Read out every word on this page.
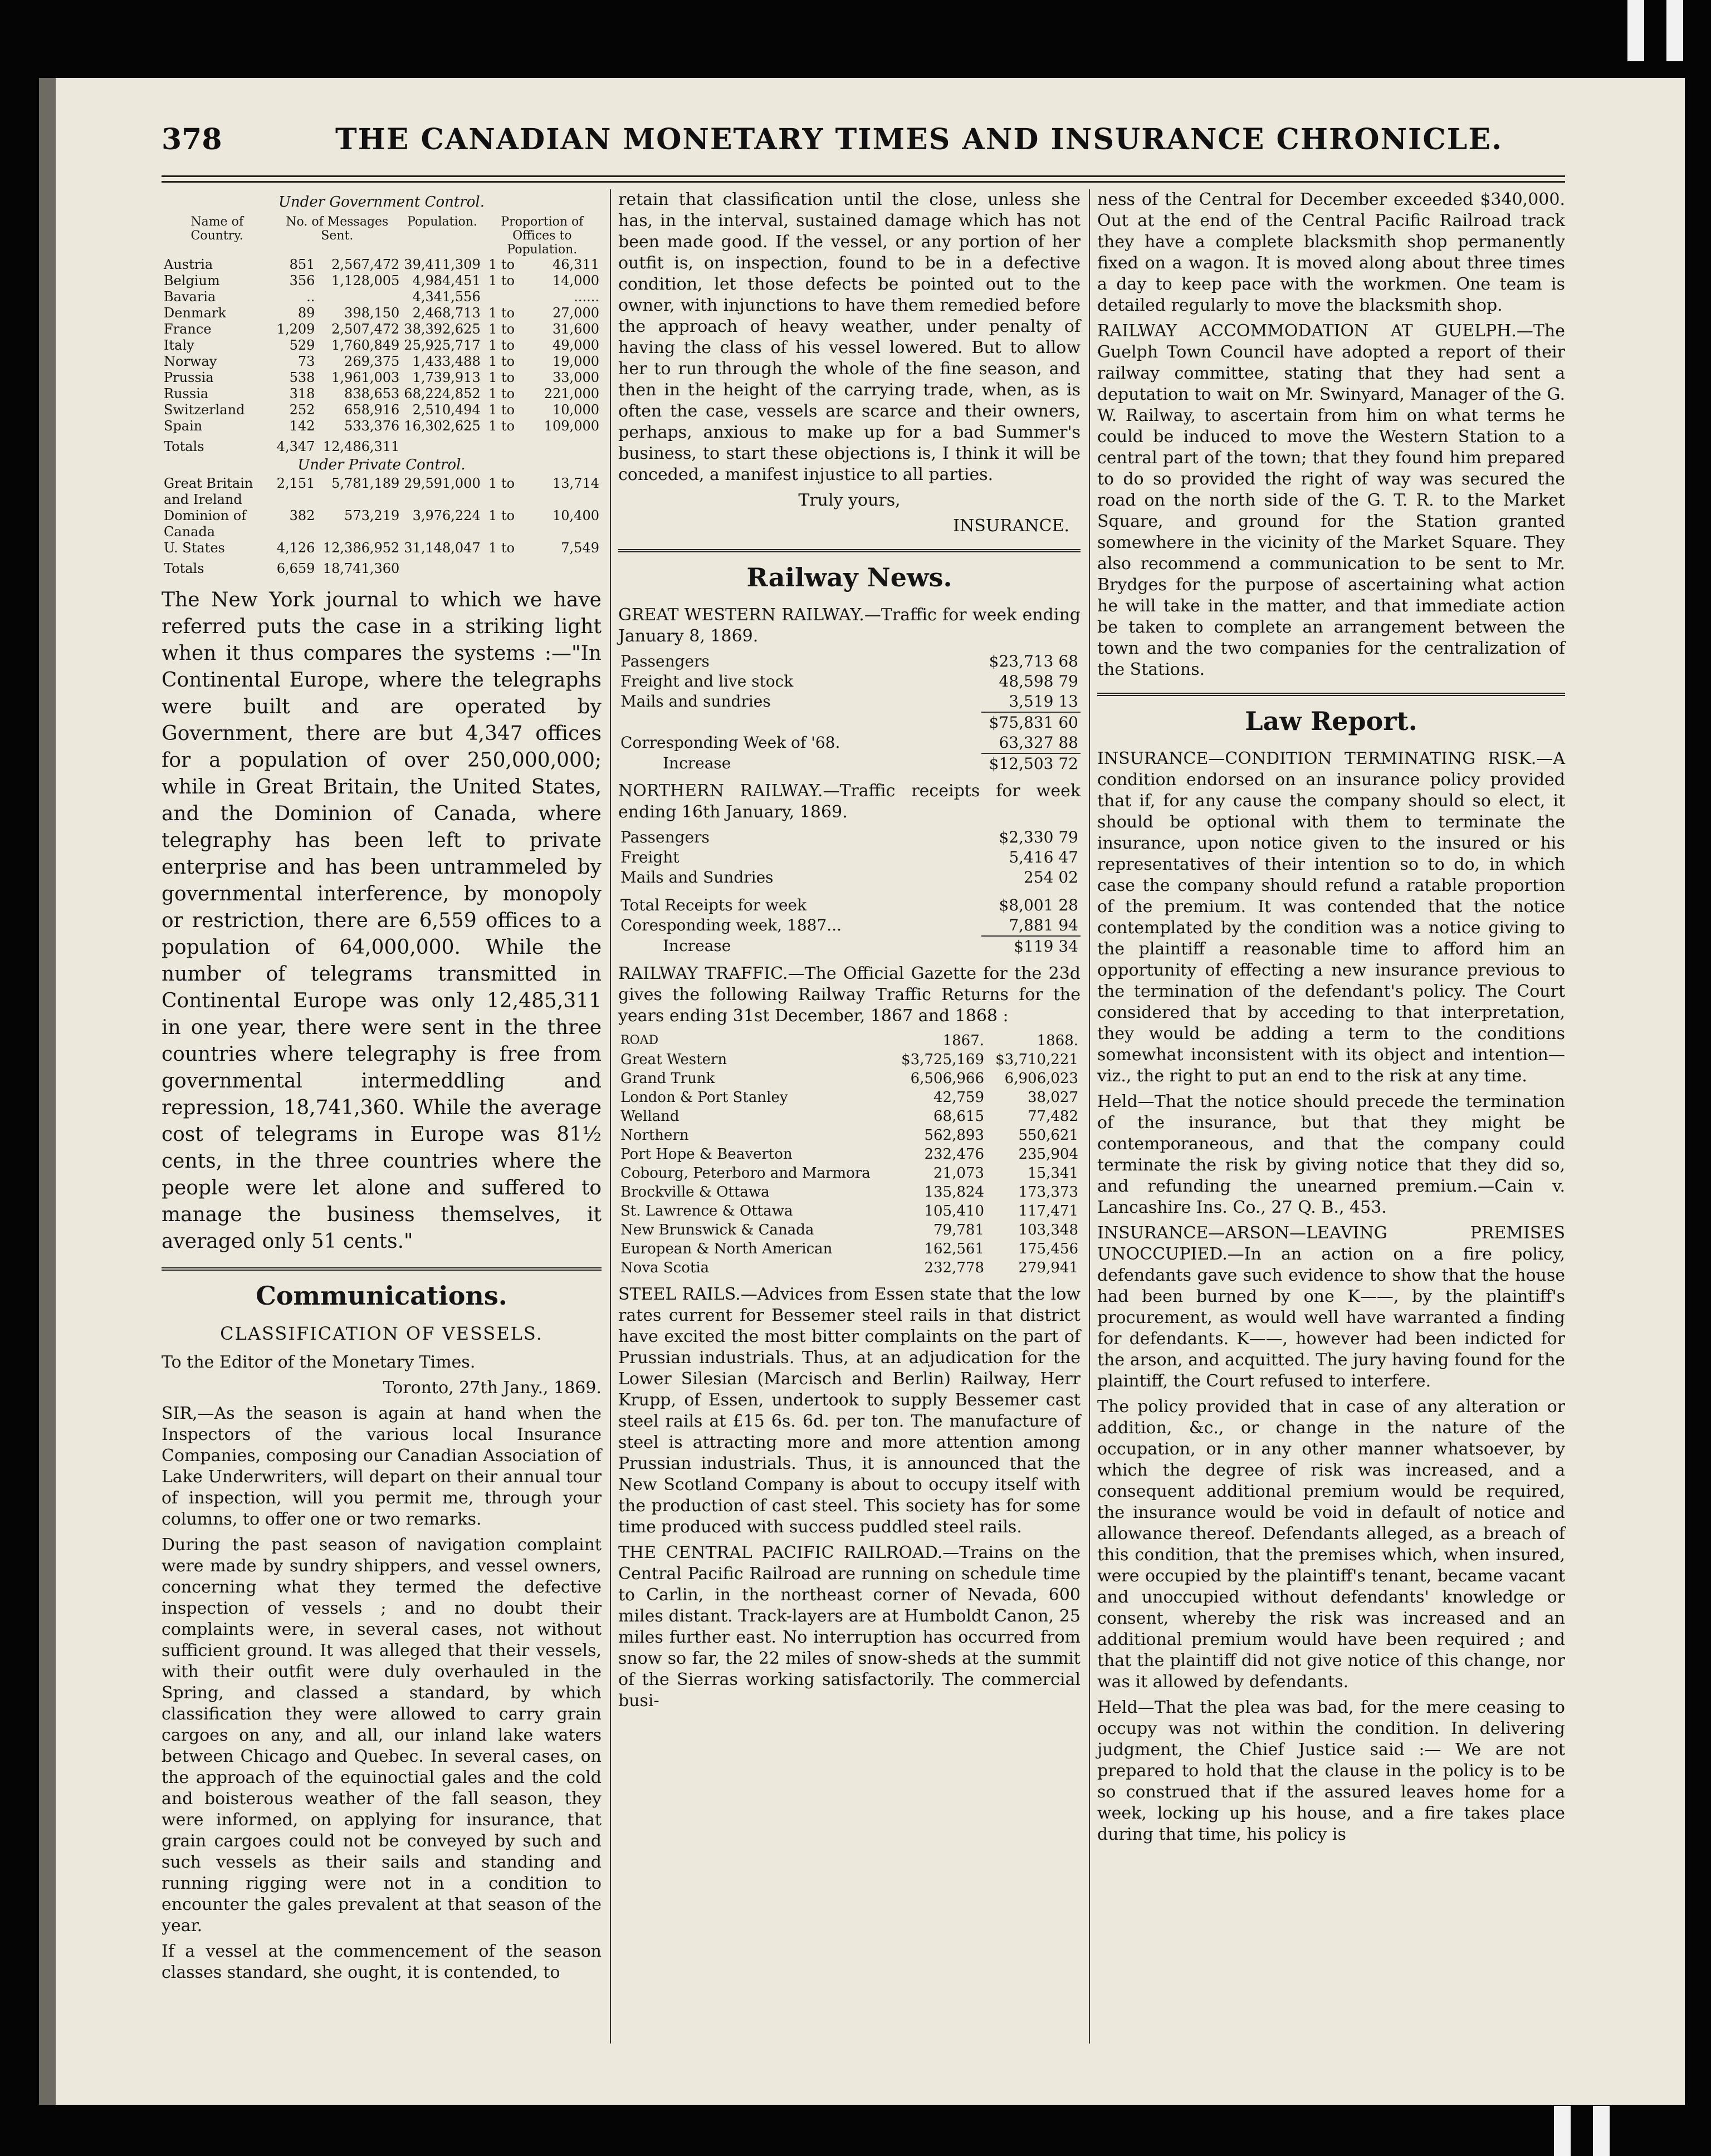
378	THE CANADIAN MONETARY TIMES AND INSURANCE CHRONICLE.
Under Government Control.
Name of Country.	No. of Messages Sent.		Population.	Proportion of Offices to Population.	
Austria	851	2,567,472	39,411,309	1 to	46,311
Belgium	356	1,128,005	4,984,451	1 to	14,000
Bavaria	..		4,341,556		......
Denmark	89	398,150	2,468,713	1 to	27,000
France	1,209	2,507,472	38,392,625	1 to	31,600
Italy	529	1,760,849	25,925,717	1 to	49,000
Norway	73	269,375	1,433,488	1 to	19,000
Prussia	538	1,961,003	1,739,913	1 to	33,000
Russia	318	838,653	68,224,852	1 to	221,000
Switzerland	252	658,916	2,510,494	1 to	10,000
Spain	142	533,376	16,302,625	1 to	109,000
Totals	4,347	12,486,311			

Under Private Control.					

Great Britain and Ireland	2,151	5,781,189	29,591,000	1 to	13,714
Dominion of Canada	382	573,219	3,976,224	1 to	10,400
U. States	4,126	12,386,952	31,148,047	1 to	7,549
Totals	6,659	18,741,360			

The New York journal to which we have referred puts the case in a striking light when it thus compares the systems :—"In Continental Europe, where the telegraphs were built and are operated by Government, there are but 4,347 offices for a population of over 250,000,000; while in Great Britain, the United States, and the Dominion of Canada, where telegraphy has been left to private enterprise and has been untrammeled by governmental interference, by monopoly or restriction, there are 6,559 offices to a population of 64,000,000. While the number of telegrams transmitted in Continental Europe was only 12,485,311 in one year, there were sent in the three countries where telegraphy is free from governmental intermeddling and repression, 18,741,360. While the average cost of telegrams in Europe was 81½ cents, in the three countries where the people were let alone and suffered to manage the business themselves, it averaged only 51 cents."

Communications.
CLASSIFICATION OF VESSELS.

To the Editor of the Monetary Times.

Toronto, 27th Jany., 1869.

SIR,—As the season is again at hand when the Inspectors of the various local Insurance Companies, composing our Canadian Association of Lake Underwriters, will depart on their annual tour of inspection, will you permit me, through your columns, to offer one or two remarks.

During the past season of navigation complaint were made by sundry shippers, and vessel owners, concerning what they termed the defective inspection of vessels ; and no doubt their complaints were, in several cases, not without sufficient ground. It was alleged that their vessels, with their outfit were duly overhauled in the Spring, and classed a standard, by which classification they were allowed to carry grain cargoes on any, and all, our inland lake waters between Chicago and Quebec. In several cases, on the approach of the equinoctial gales and the cold and boisterous weather of the fall season, they were informed, on applying for insurance, that grain cargoes could not be conveyed by such and such vessels as their sails and standing and running rigging were not in a condition to encounter the gales prevalent at that season of the year.

If a vessel at the commencement of the season classes standard, she ought, it is contended, to

retain that classification until the close, unless she has, in the interval, sustained damage which has not been made good. If the vessel, or any portion of her outfit is, on inspection, found to be in a defective condition, let those defects be pointed out to the owner, with injunctions to have them remedied before the approach of heavy weather, under penalty of having the class of his vessel lowered. But to allow her to run through the whole of the fine season, and then in the height of the carrying trade, when, as is often the case, vessels are scarce and their owners, perhaps, anxious to make up for a bad Summer's business, to start these objections is, I think it will be conceded, a manifest injustice to all parties.

Truly yours,

INSURANCE.
Railway News.

GREAT WESTERN RAILWAY.—Traffic for week ending January 8, 1869.

Passengers	$23,713 68
Freight and live stock	48,598 79
Mails and sundries	3,519 13
	$75,831 60
Corresponding Week of '68.	63,327 88
Increase	$12,503 72

NORTHERN RAILWAY.—Traffic receipts for week ending 16th January, 1869.

Passengers	$2,330 79
Freight	5,416 47
Mails and Sundries	254 02
Total Receipts for week	$8,001 28
Coresponding week, 1887...	7,881 94
Increase	$119 34

RAILWAY TRAFFIC.—The Official Gazette for the 23d gives the following Railway Traffic Returns for the years ending 31st December, 1867 and 1868 :

ROAD	1867.	1868.
Great Western	$3,725,169	$3,710,221
Grand Trunk	6,506,966	6,906,023
London & Port Stanley	42,759	38,027
Welland	68,615	77,482
Northern	562,893	550,621
Port Hope & Beaverton	232,476	235,904
Cobourg, Peterboro and Marmora	21,073	15,341
Brockville & Ottawa	135,824	173,373
St. Lawrence & Ottawa	105,410	117,471
New Brunswick & Canada	79,781	103,348
European & North American	162,561	175,456
Nova Scotia	232,778	279,941

STEEL RAILS.—Advices from Essen state that the low rates current for Bessemer steel rails in that district have excited the most bitter complaints on the part of Prussian industrials. Thus, at an adjudication for the Lower Silesian (Marcisch and Berlin) Railway, Herr Krupp, of Essen, undertook to supply Bessemer cast steel rails at £15 6s. 6d. per ton. The manufacture of steel is attracting more and more attention among Prussian industrials. Thus, it is announced that the New Scotland Company is about to occupy itself with the production of cast steel. This society has for some time produced with success puddled steel rails.

THE CENTRAL PACIFIC RAILROAD.—Trains on the Central Pacific Railroad are running on schedule time to Carlin, in the northeast corner of Nevada, 600 miles distant. Track-layers are at Humboldt Canon, 25 miles further east. No interruption has occurred from snow so far, the 22 miles of snow-sheds at the summit of the Sierras working satisfactorily. The commercial busi-

ness of the Central for December exceeded $340,000. Out at the end of the Central Pacific Railroad track they have a complete blacksmith shop permanently fixed on a wagon. It is moved along about three times a day to keep pace with the workmen. One team is detailed regularly to move the blacksmith shop.

RAILWAY ACCOMMODATION AT GUELPH.—The Guelph Town Council have adopted a report of their railway committee, stating that they had sent a deputation to wait on Mr. Swinyard, Manager of the G. W. Railway, to ascertain from him on what terms he could be induced to move the Western Station to a central part of the town; that they found him prepared to do so provided the right of way was secured the road on the north side of the G. T. R. to the Market Square, and ground for the Station granted somewhere in the vicinity of the Market Square. They also recommend a communication to be sent to Mr. Brydges for the purpose of ascertaining what action he will take in the matter, and that immediate action be taken to complete an arrangement between the town and the two companies for the centralization of the Stations.

Law Report.

INSURANCE—CONDITION TERMINATING RISK.—A condition endorsed on an insurance policy provided that if, for any cause the company should so elect, it should be optional with them to terminate the insurance, upon notice given to the insured or his representatives of their intention so to do, in which case the company should refund a ratable proportion of the premium. It was contended that the notice contemplated by the condition was a notice giving to the plaintiff a reasonable time to afford him an opportunity of effecting a new insurance previous to the termination of the defendant's policy. The Court considered that by acceding to that interpretation, they would be adding a term to the conditions somewhat inconsistent with its object and intention—viz., the right to put an end to the risk at any time.

Held—That the notice should precede the termination of the insurance, but that they might be contemporaneous, and that the company could terminate the risk by giving notice that they did so, and refunding the unearned premium.—Cain v. Lancashire Ins. Co., 27 Q. B., 453.

INSURANCE—ARSON—LEAVING PREMISES UNOCCUPIED.—In an action on a fire policy, defendants gave such evidence to show that the house had been burned by one K——, by the plaintiff's procurement, as would well have warranted a finding for defendants. K——, however had been indicted for the arson, and acquitted. The jury having found for the plaintiff, the Court refused to interfere.

The policy provided that in case of any alteration or addition, &c., or change in the nature of the occupation, or in any other manner whatsoever, by which the degree of risk was increased, and a consequent additional premium would be required, the insurance would be void in default of notice and allowance thereof. Defendants alleged, as a breach of this condition, that the premises which, when insured, were occupied by the plaintiff's tenant, became vacant and unoccupied without defendants' knowledge or consent, whereby the risk was increased and an additional premium would have been required ; and that the plaintiff did not give notice of this change, nor was it allowed by defendants.

Held—That the plea was bad, for the mere ceasing to occupy was not within the condition. In delivering judgment, the Chief Justice said :— We are not prepared to hold that the clause in the policy is to be so construed that if the assured leaves home for a week, locking up his house, and a fire takes place during that time, his policy is
